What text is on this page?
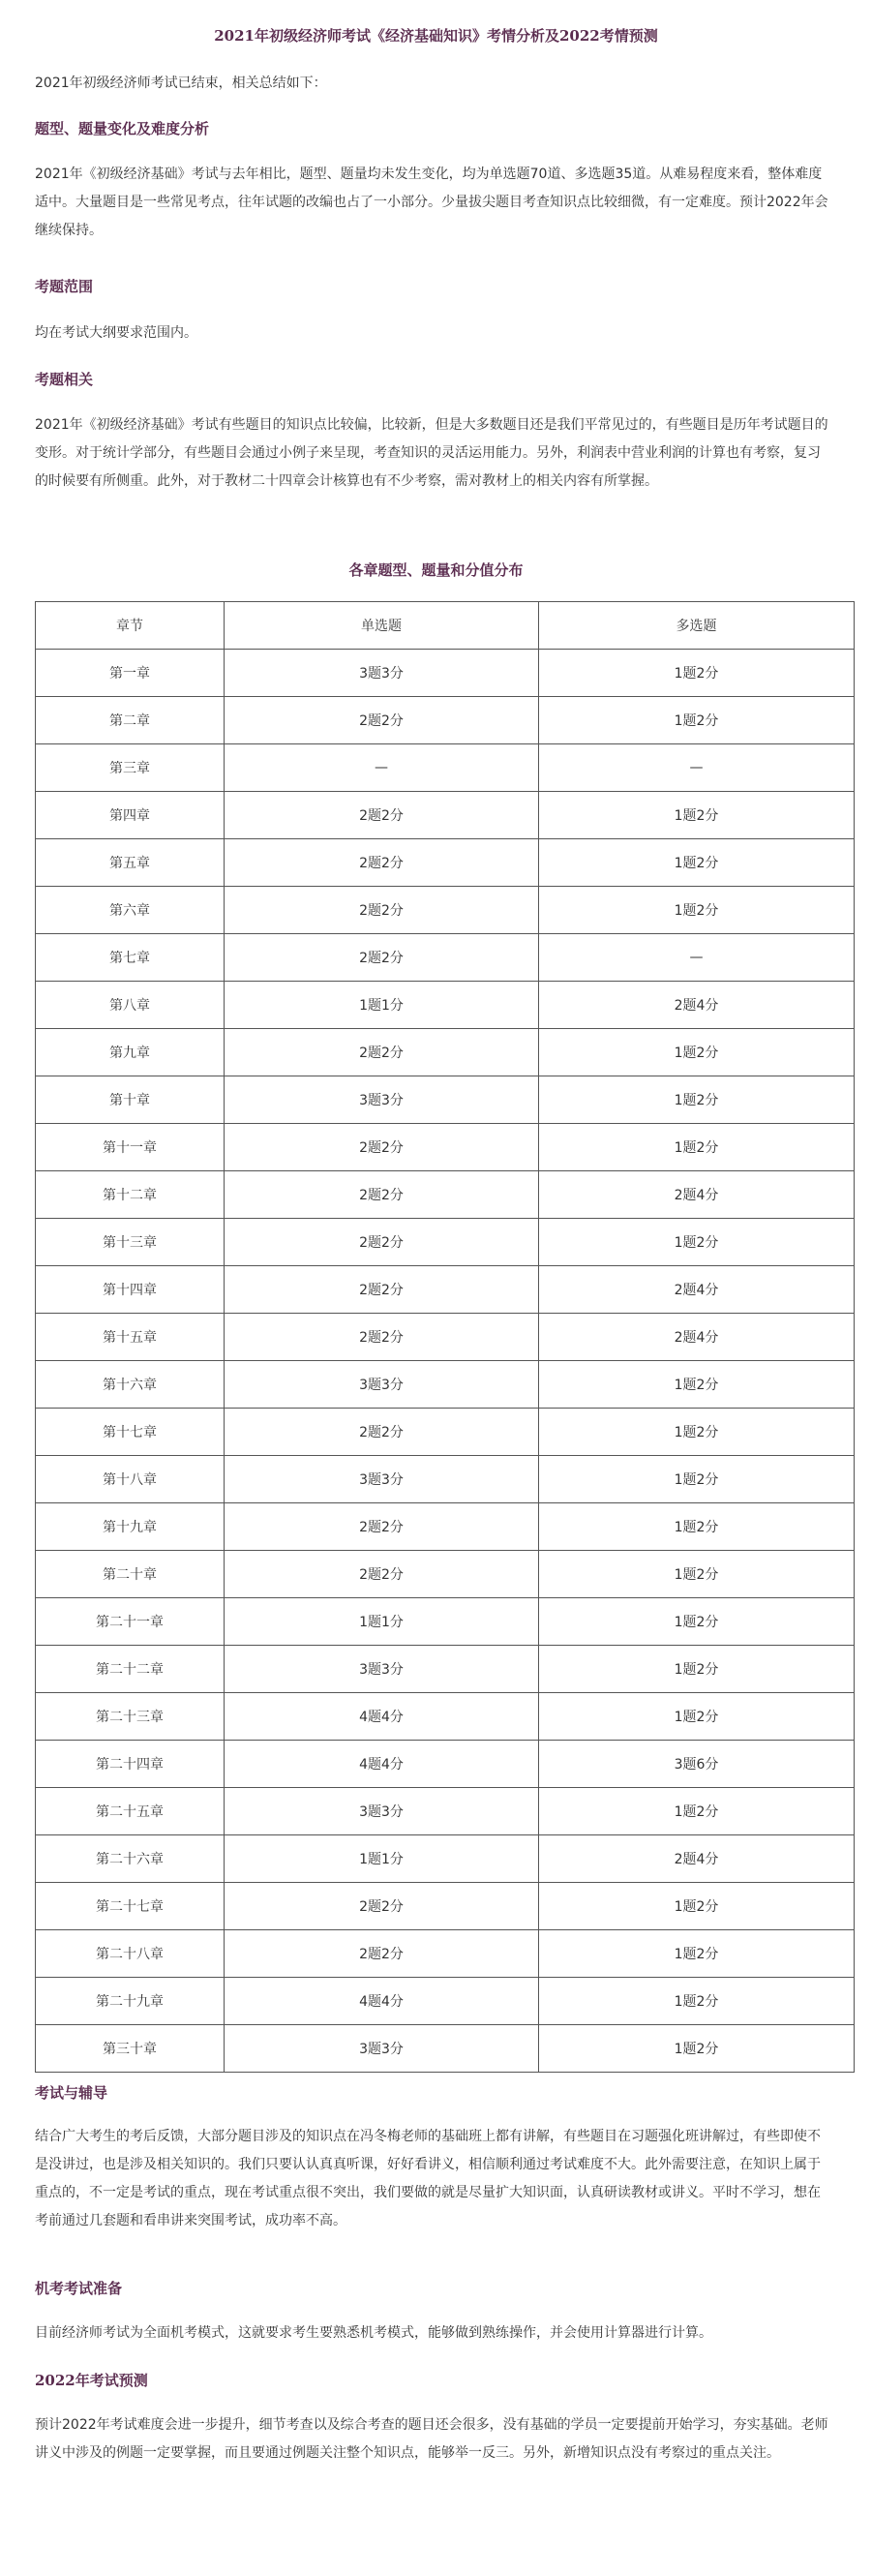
2021年初级经济师考试《经济基础知识》考情分析及2022考情预测

2021年初级经济师考试已结束，相关总结如下：

题型、题量变化及难度分析

2021年《初级经济基础》考试与去年相比，题型、题量均未发生变化，均为单选题70道、多选题35道。从难易程度来看，整体难度适中。大量题目是一些常见考点，往年试题的改编也占了一小部分。少量拔尖题目考查知识点比较细微，有一定难度。预计2022年会继续保持。

考题范围

均在考试大纲要求范围内。

考题相关

2021年《初级经济基础》考试有些题目的知识点比较偏，比较新，但是大多数题目还是我们平常见过的，有些题目是历年考试题目的变形。对于统计学部分，有些题目会通过小例子来呈现，考查知识的灵活运用能力。另外，利润表中营业利润的计算也有考察，复习的时候要有所侧重。此外，对于教材二十四章会计核算也有不少考察，需对教材上的相关内容有所掌握。

各章题型、题量和分值分布
章节	单选题	多选题
第一章	3题3分	1题2分
第二章	2题2分	1题2分
第三章	—	—
第四章	2题2分	1题2分
第五章	2题2分	1题2分
第六章	2题2分	1题2分
第七章	2题2分	—
第八章	1题1分	2题4分
第九章	2题2分	1题2分
第十章	3题3分	1题2分
第十一章	2题2分	1题2分
第十二章	2题2分	2题4分
第十三章	2题2分	1题2分
第十四章	2题2分	2题4分
第十五章	2题2分	2题4分
第十六章	3题3分	1题2分
第十七章	2题2分	1题2分
第十八章	3题3分	1题2分
第十九章	2题2分	1题2分
第二十章	2题2分	1题2分
第二十一章	1题1分	1题2分
第二十二章	3题3分	1题2分
第二十三章	4题4分	1题2分
第二十四章	4题4分	3题6分
第二十五章	3题3分	1题2分
第二十六章	1题1分	2题4分
第二十七章	2题2分	1题2分
第二十八章	2题2分	1题2分
第二十九章	4题4分	1题2分
第三十章	3题3分	1题2分
考试与辅导

结合广大考生的考后反馈，大部分题目涉及的知识点在冯冬梅老师的基础班上都有讲解，有些题目在习题强化班讲解过，有些即使不是没讲过，也是涉及相关知识的。我们只要认认真真听课，好好看讲义，相信顺利通过考试难度不大。此外需要注意，在知识上属于重点的，不一定是考试的重点，现在考试重点很不突出，我们要做的就是尽量扩大知识面，认真研读教材或讲义。平时不学习，想在考前通过几套题和看串讲来突围考试，成功率不高。

机考考试准备

目前经济师考试为全面机考模式，这就要求考生要熟悉机考模式，能够做到熟练操作，并会使用计算器进行计算。

2022年考试预测

预计2022年考试难度会进一步提升，细节考查以及综合考查的题目还会很多，没有基础的学员一定要提前开始学习，夯实基础。老师讲义中涉及的例题一定要掌握，而且要通过例题关注整个知识点，能够举一反三。另外，新增知识点没有考察过的重点关注。
